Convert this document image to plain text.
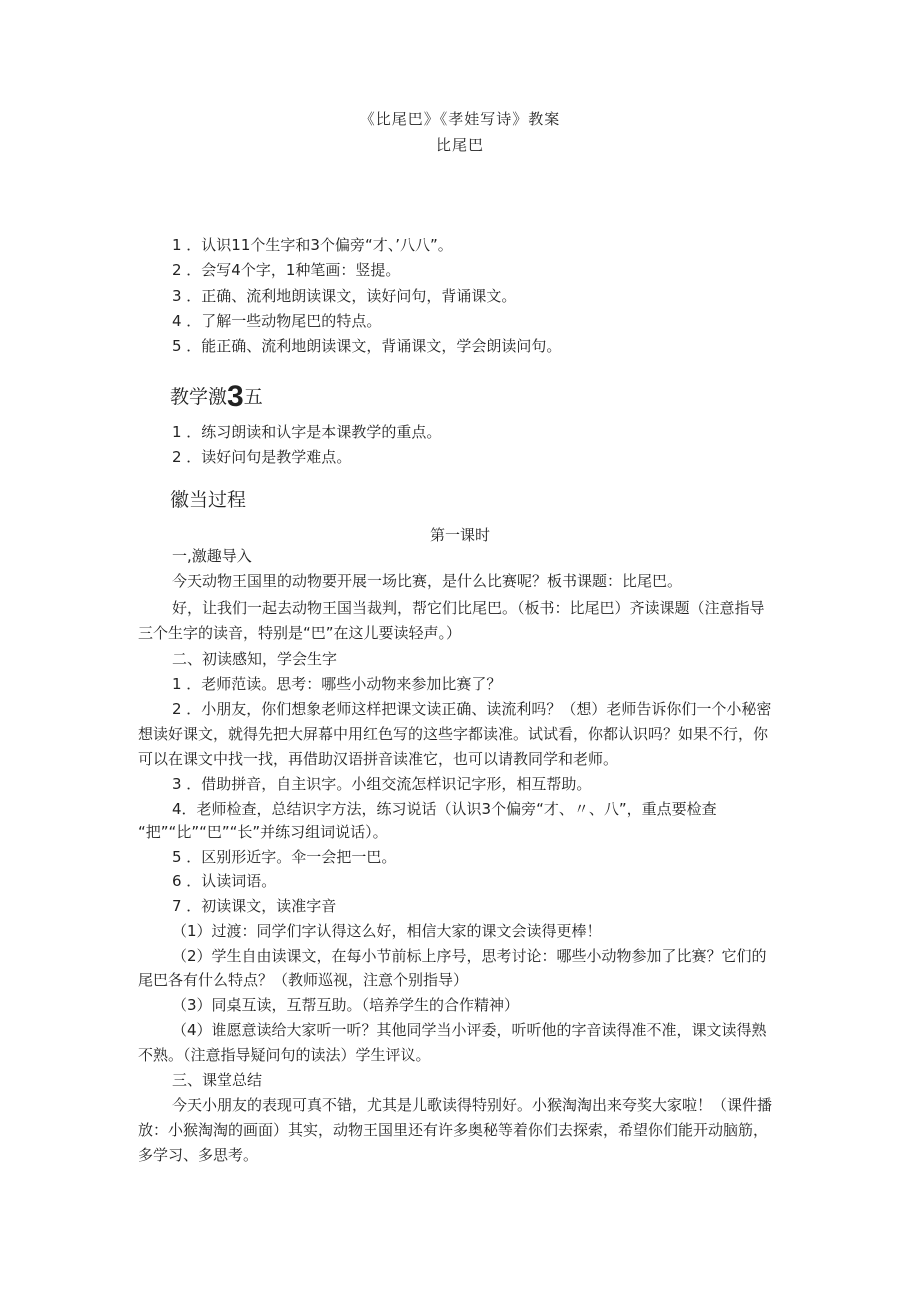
《比尾巴》《孝娃写诗》教案
比尾巴
1 ．认识11个生字和3个偏旁“才、’八八”。
2 ．会写4个字，1种笔画：竖提。
3 ．正确、流利地朗读课文，读好问句，背诵课文。
4 ．了解一些动物尾巴的特点。
5 ．能正确、流利地朗读课文，背诵课文，学会朗读问句。
教学激3五
1 ．练习朗读和认字是本课教学的重点。
2 ．读好问句是教学难点。
徽当过程
第一课时
一,激趣导入
今天动物王国里的动物要开展一场比赛，是什么比赛呢？板书课题：比尾巴。
好，让我们一起去动物王国当裁判，帮它们比尾巴。（板书：比尾巴）齐读课题（注意指导
三个生字的读音，特别是“巴”在这儿要读轻声。）
二、初读感知，学会生字
1 ．老师范读。思考：哪些小动物来参加比赛了？
2 ．小朋友，你们想象老师这样把课文读正确、读流利吗？（想）老师告诉你们一个小秘密
想读好课文，就得先把大屏幕中用红色写的这些字都读准。试试看，你都认识吗？如果不行，你
可以在课文中找一找，再借助汉语拼音读准它，也可以请教同学和老师。
3 ．借助拼音，自主识字。小组交流怎样识记字形，相互帮助。
4．老师检查，总结识字方法，练习说话（认识3个偏旁“才、〃、八”，重点要检查
“把”“比”“巴”“长”并练习组词说话）。
5 ．区别形近字。伞一会把一巴。
6 ．认读词语。
7 ．初读课文，读准字音
（1）过渡：同学们字认得这么好，相信大家的课文会读得更棒！
（2）学生自由读课文，在每小节前标上序号，思考讨论：哪些小动物参加了比赛？它们的
尾巴各有什么特点？（教师巡视，注意个别指导）
（3）同桌互读，互帮互助。（培养学生的合作精神）
（4）谁愿意读给大家听一听？其他同学当小评委，听听他的字音读得准不准，课文读得熟
不熟。（注意指导疑问句的读法）学生评议。
三、课堂总结
今天小朋友的表现可真不错，尤其是儿歌读得特别好。小猴淘淘出来夸奖大家啦！（课件播
放：小猴淘淘的画面）其实，动物王国里还有许多奥秘等着你们去探索，希望你们能开动脑筋，
多学习、多思考。
